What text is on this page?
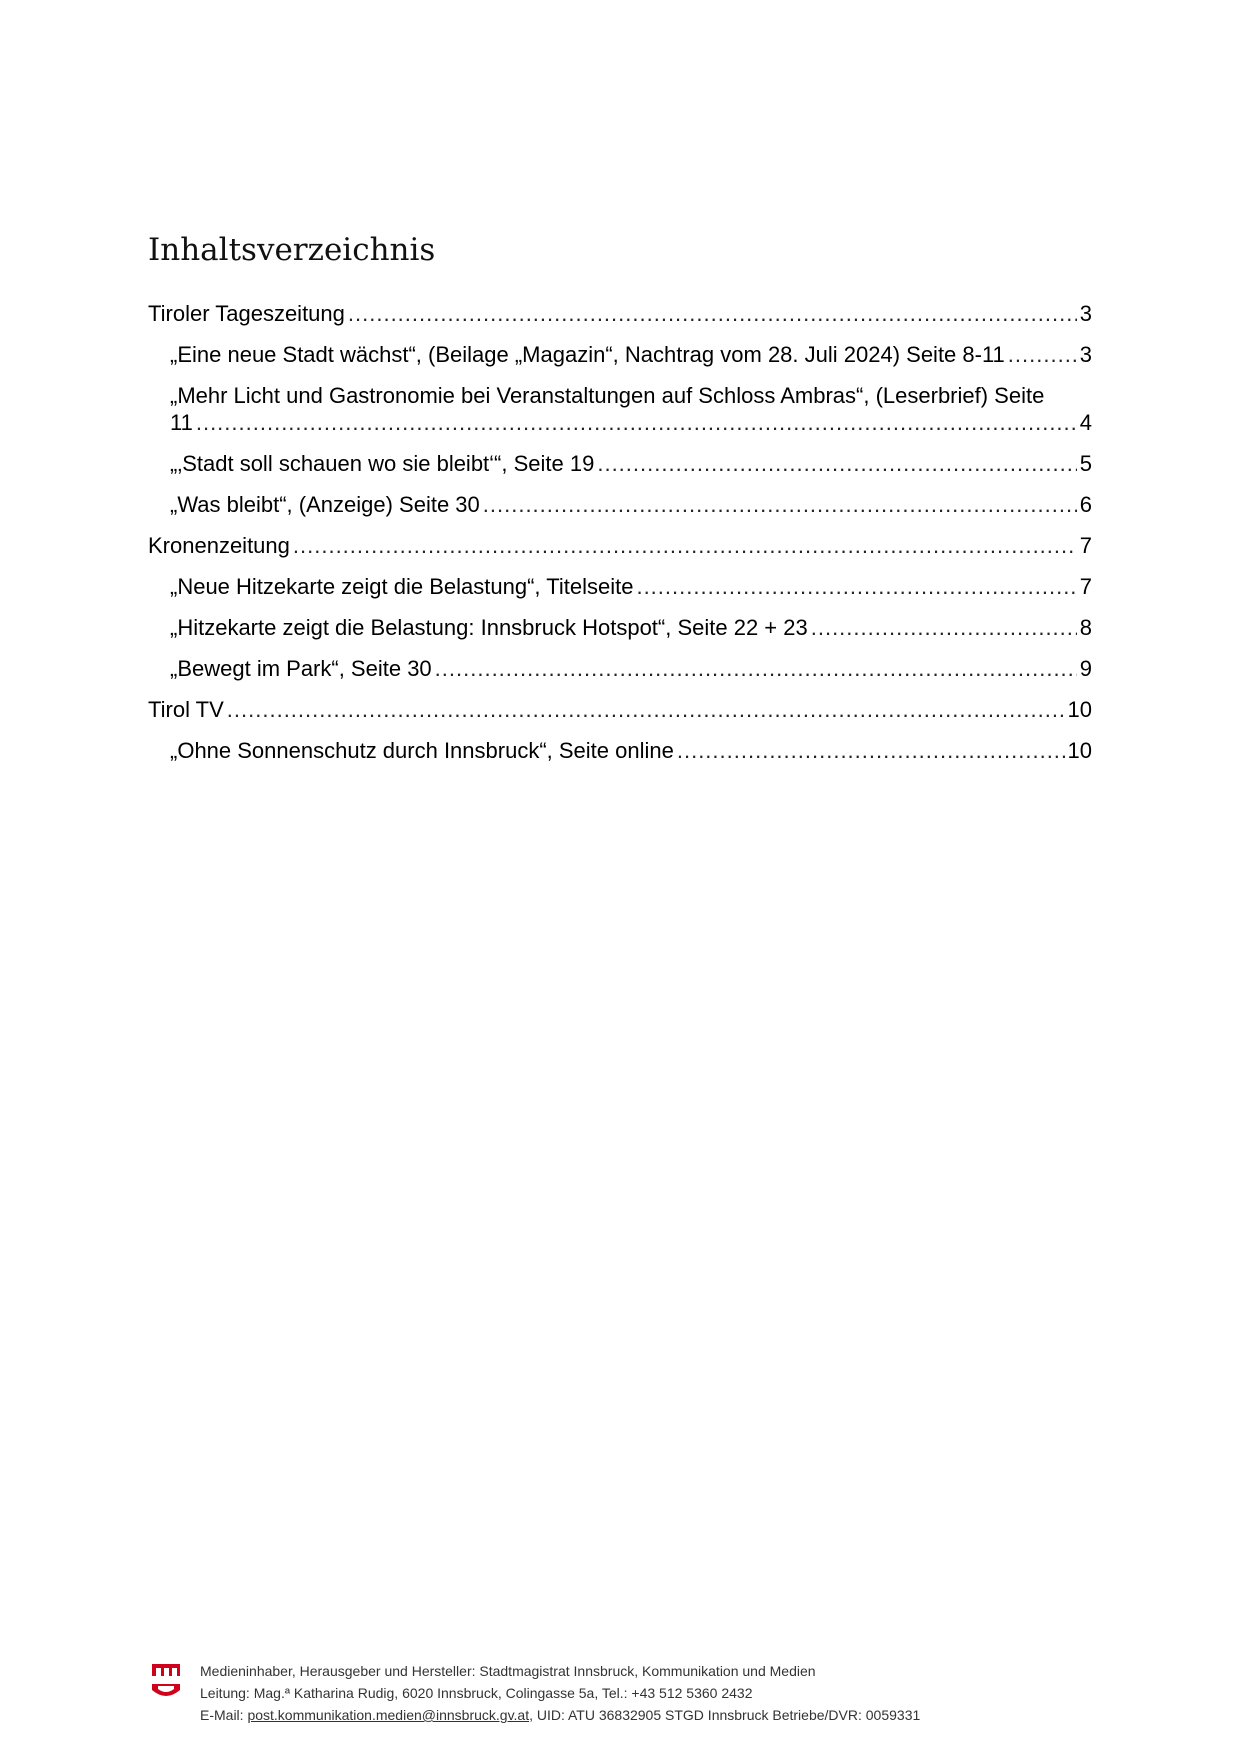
Inhaltsverzeichnis
Tiroler Tageszeitung .....	3
„Eine neue Stadt wächst“, (Beilage „Magazin“, Nachtrag vom 28. Juli 2024) Seite 8-11 .....	3
„Mehr Licht und Gastronomie bei Veranstaltungen auf Schloss Ambras“, (Leserbrief) Seite
11 .....	4
„‚Stadt soll schauen wo sie bleibt‘“, Seite 19 .....	5
„Was bleibt“, (Anzeige) Seite 30 .....	6
Kronenzeitung .....	7
„Neue Hitzekarte zeigt die Belastung“, Titelseite .....	7
„Hitzekarte zeigt die Belastung: Innsbruck Hotspot“, Seite 22 + 23 .....	8
„Bewegt im Park“, Seite 30 .....	9
Tirol TV .....	10
„Ohne Sonnenschutz durch Innsbruck“, Seite online .....	10
Medieninhaber, Herausgeber und Hersteller: Stadtmagistrat Innsbruck, Kommunikation und Medien
Leitung: Mag.ª Katharina Rudig, 6020 Innsbruck, Colingasse 5a, Tel.: +43 512 5360 2432
E-Mail: post.kommunikation.medien@innsbruck.gv.at, UID: ATU 36832905 STGD Innsbruck Betriebe/DVR: 0059331
